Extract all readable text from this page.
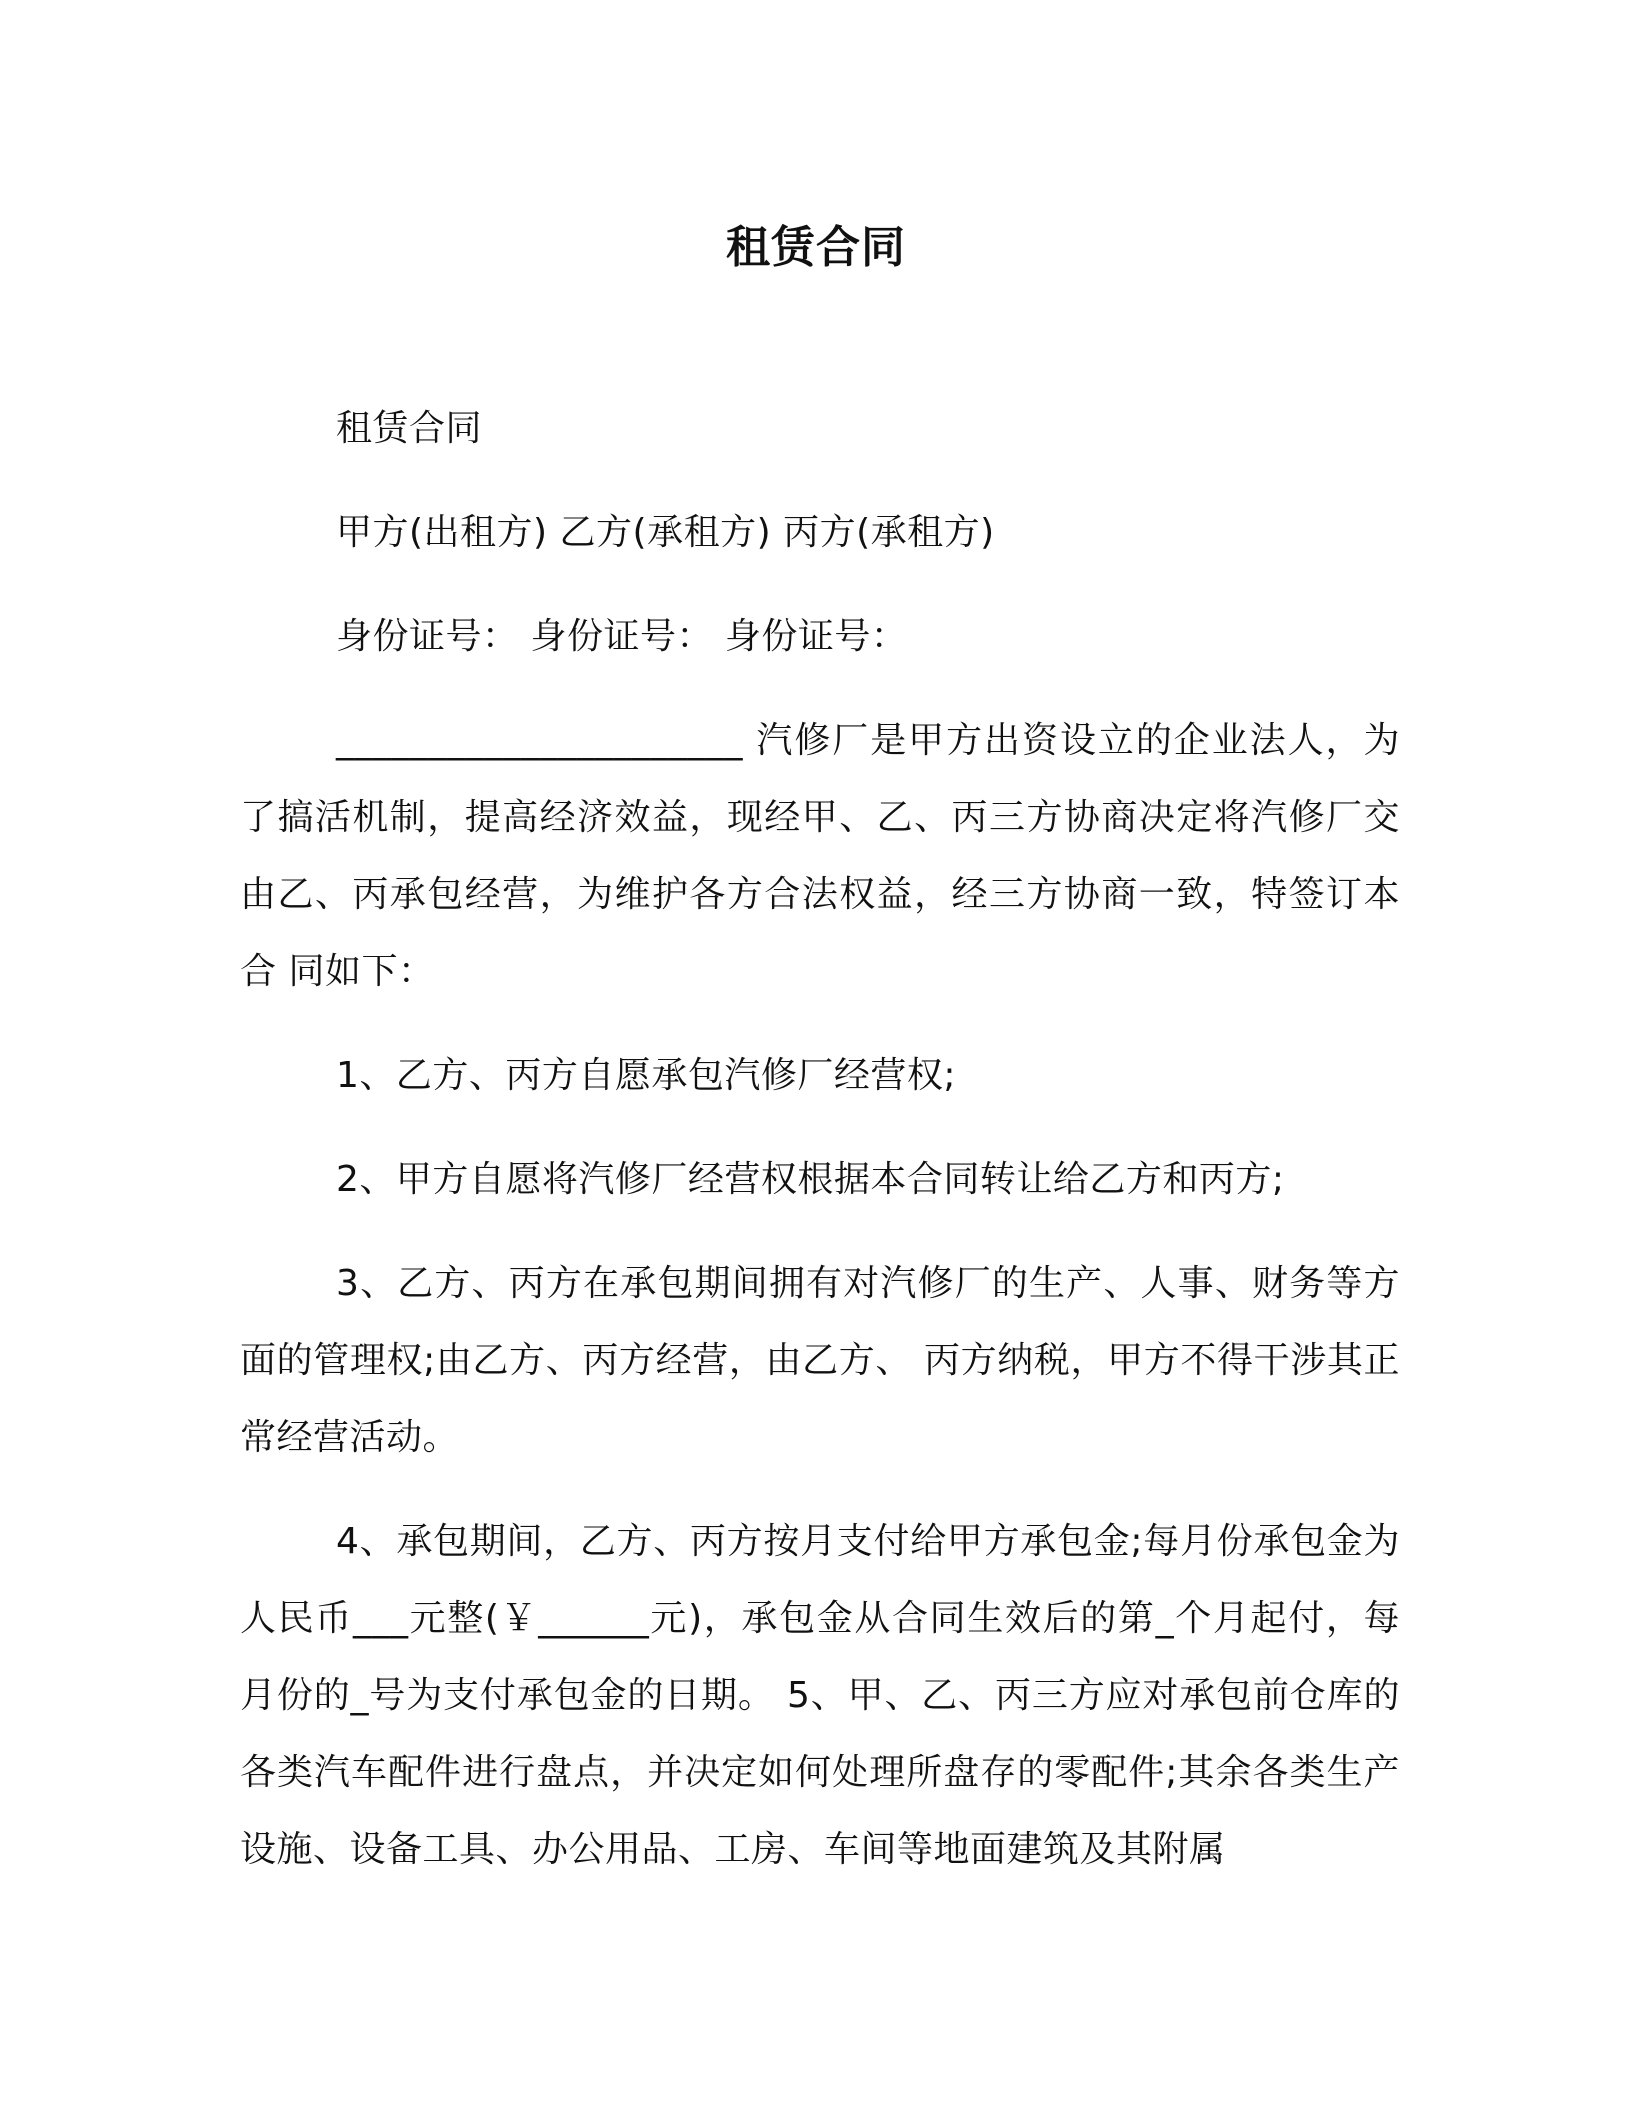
租赁合同

租赁合同

甲方(出租方) 乙方(承租方) 丙方(承租方)

身份证号： 身份证号： 身份证号：

______________________ 汽修厂是甲方出资设立的企业法人，为了搞活机制，提高经济效益，现经甲、乙、丙三方协商决定将汽修厂交由乙、丙承包经营，为维护各方合法权益，经三方协商一致，特签订本合 同如下：

1、乙方、丙方自愿承包汽修厂经营权;

2、甲方自愿将汽修厂经营权根据本合同转让给乙方和丙方;

3、乙方、丙方在承包期间拥有对汽修厂的生产、人事、财务等方面的管理权;由乙方、丙方经营，由乙方、 丙方纳税，甲方不得干涉其正常经营活动。

4、承包期间，乙方、丙方按月支付给甲方承包金;每月份承包金为人民币___元整(￥______元)，承包金从合同生效后的第_个月起付，每月份的_号为支付承包金的日期。 5、甲、乙、丙三方应对承包前仓库的各类汽车配件进行盘点，并决定如何处理所盘存的零配件;其余各类生产设施、设备工具、办公用品、工房、车间等地面建筑及其附属
